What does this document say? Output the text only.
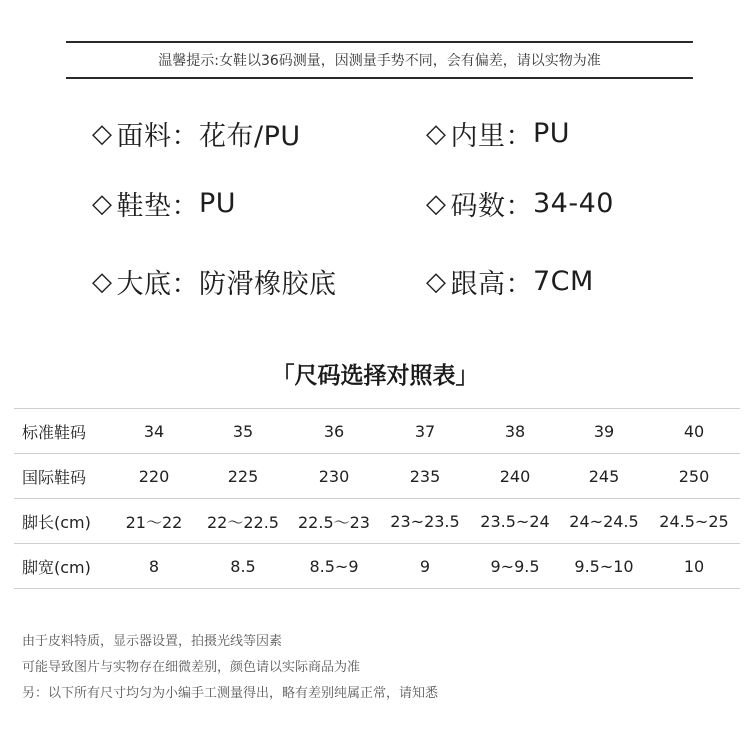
温馨提示:女鞋以36码测量，因测量手势不同，会有偏差，请以实物为准
◇ 面料： 花布/PU	◇ 内里： PU
◇ 鞋垫： PU	◇ 码数： 34-40
◇ 大底： 防滑橡胶底	◇ 跟高： 7CM
「尺码选择对照表」
标准鞋码	34	35	36	37	38	39	40
国际鞋码	220	225	230	235	240	245	250
脚长(cm)	21～22	22～22.5	22.5～23	23~23.5	23.5~24	24~24.5	24.5~25
脚宽(cm)	8	8.5	8.5~9	9	9~9.5	9.5~10	10
由于皮料特质，显示器设置，拍摄光线等因素
可能导致图片与实物存在细微差别，颜色请以实际商品为准
另：以下所有尺寸均匀为小编手工测量得出，略有差别纯属正常，请知悉
